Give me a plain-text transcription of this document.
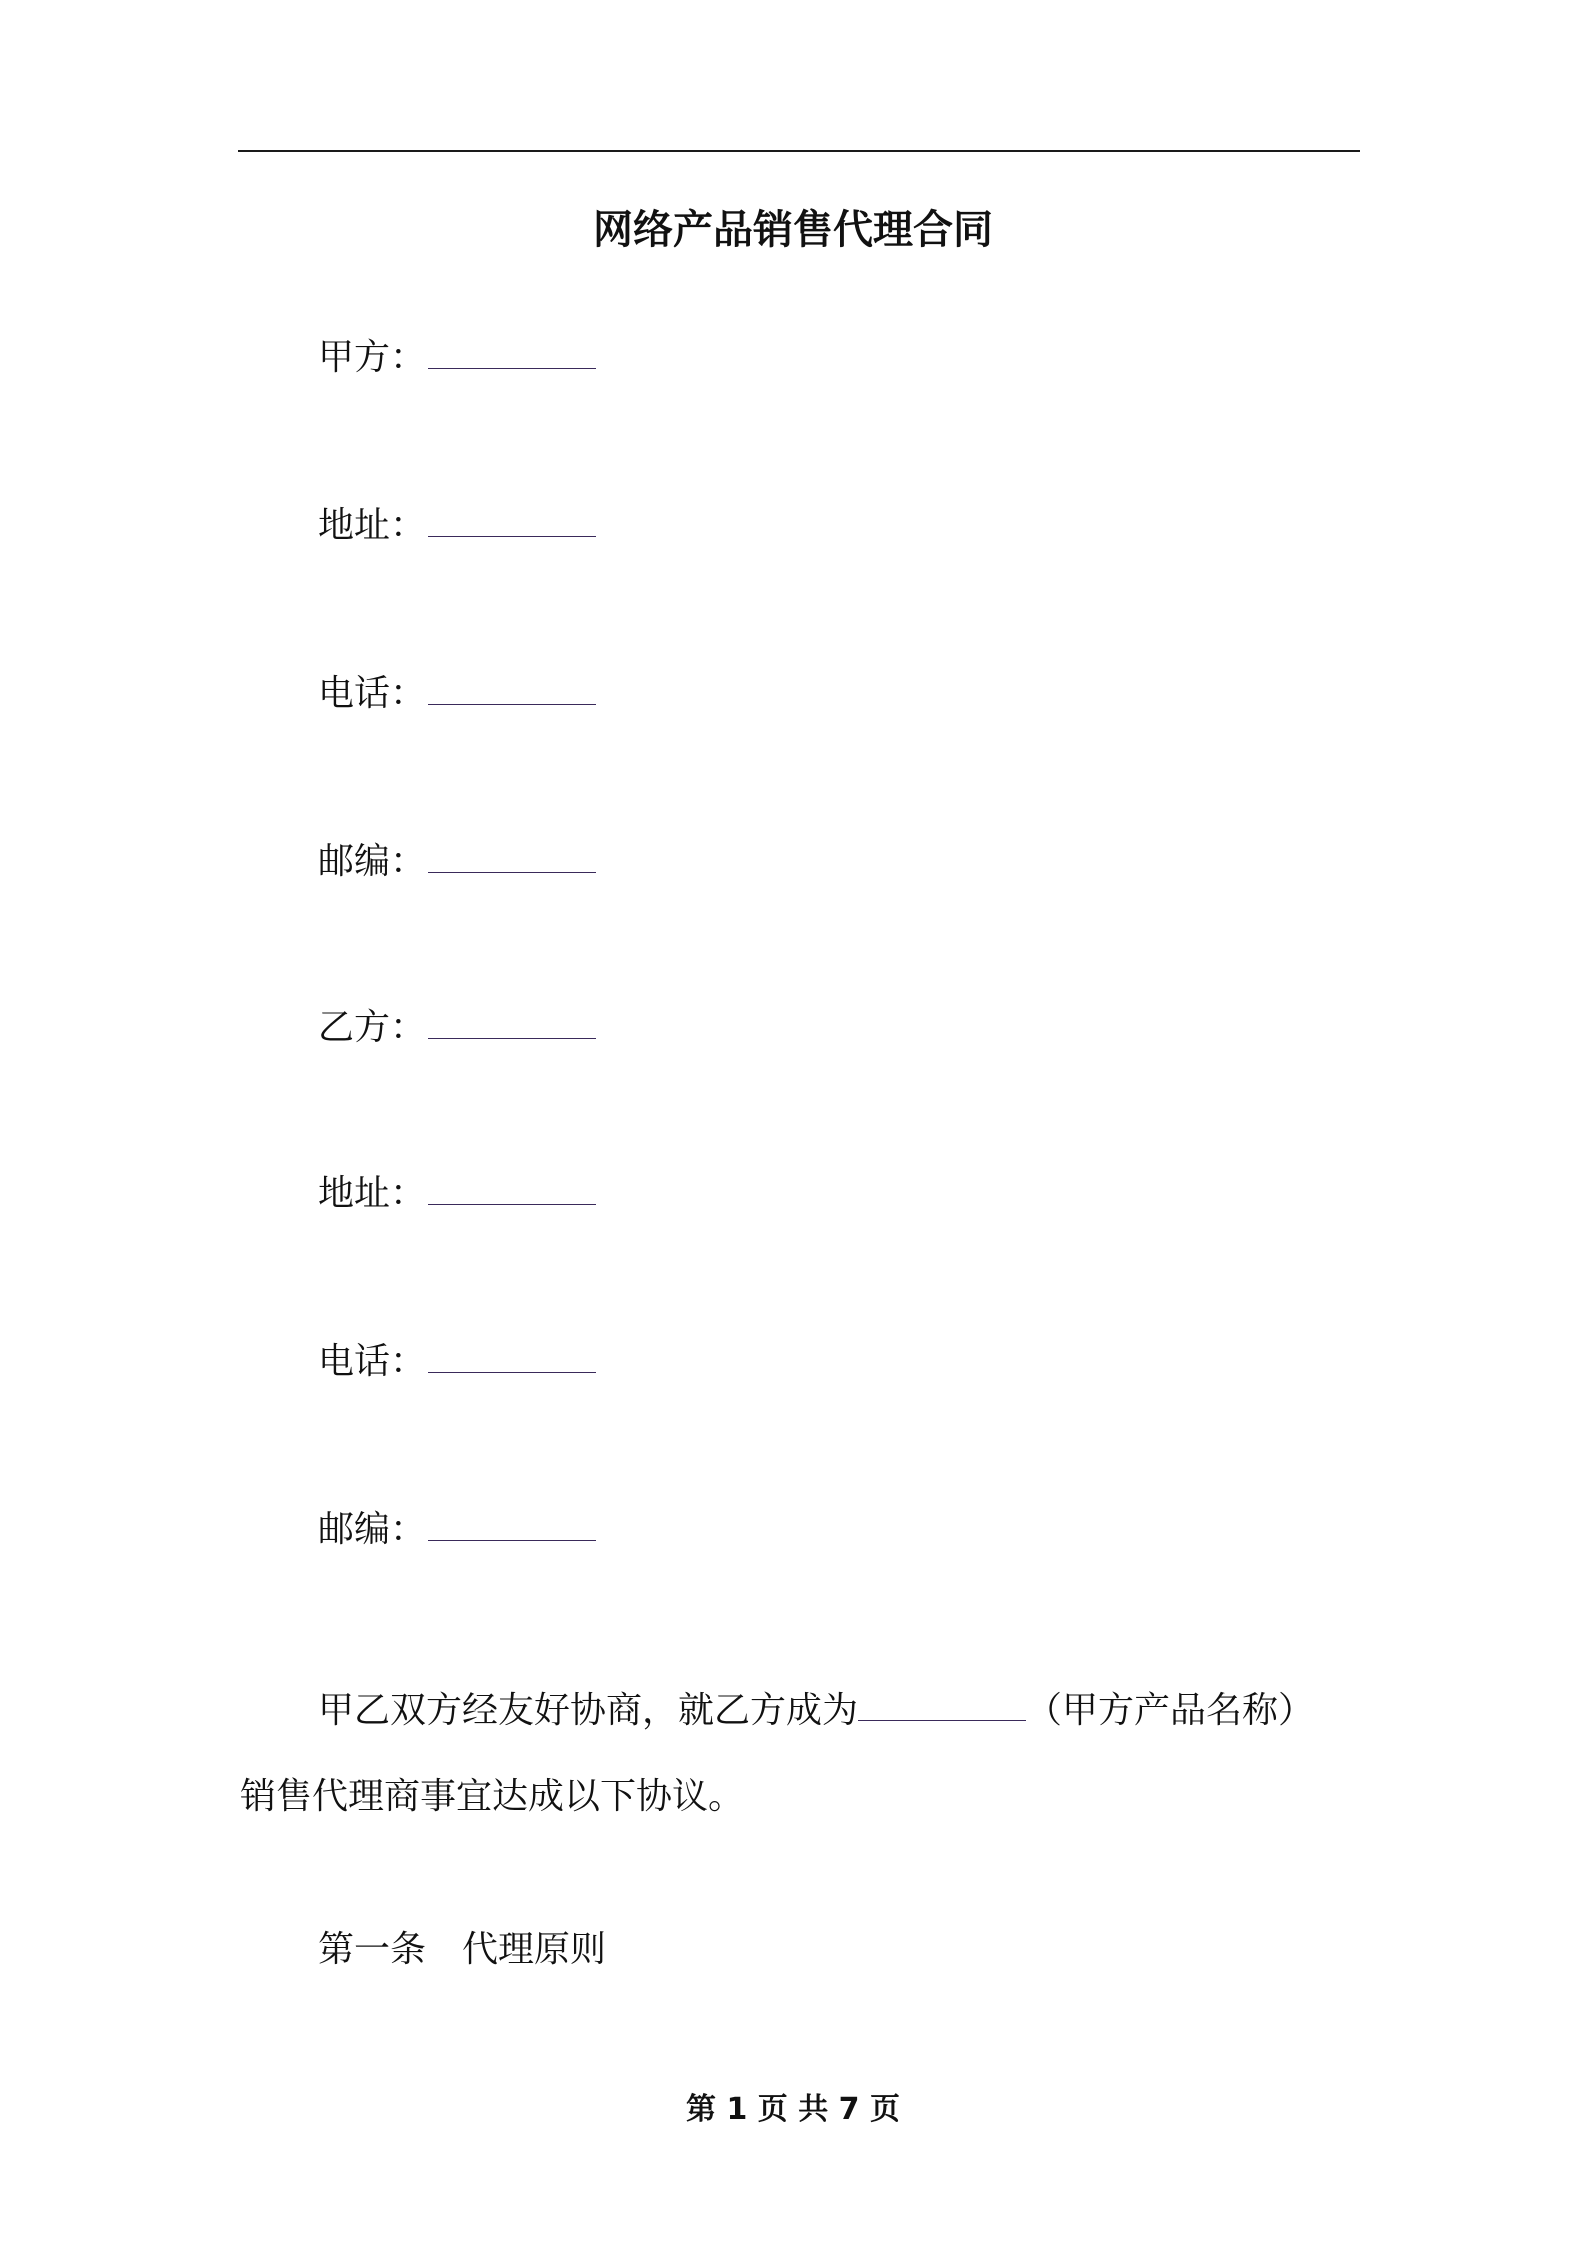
网络产品销售代理合同
甲方：
地址：
电话：
邮编：
乙方：
地址：
电话：
邮编：
甲乙双方经友好协商，就乙方成为	（甲方产品名称）
销售代理商事宜达成以下协议。
第一条 代理原则
第 1 页 共 7 页
